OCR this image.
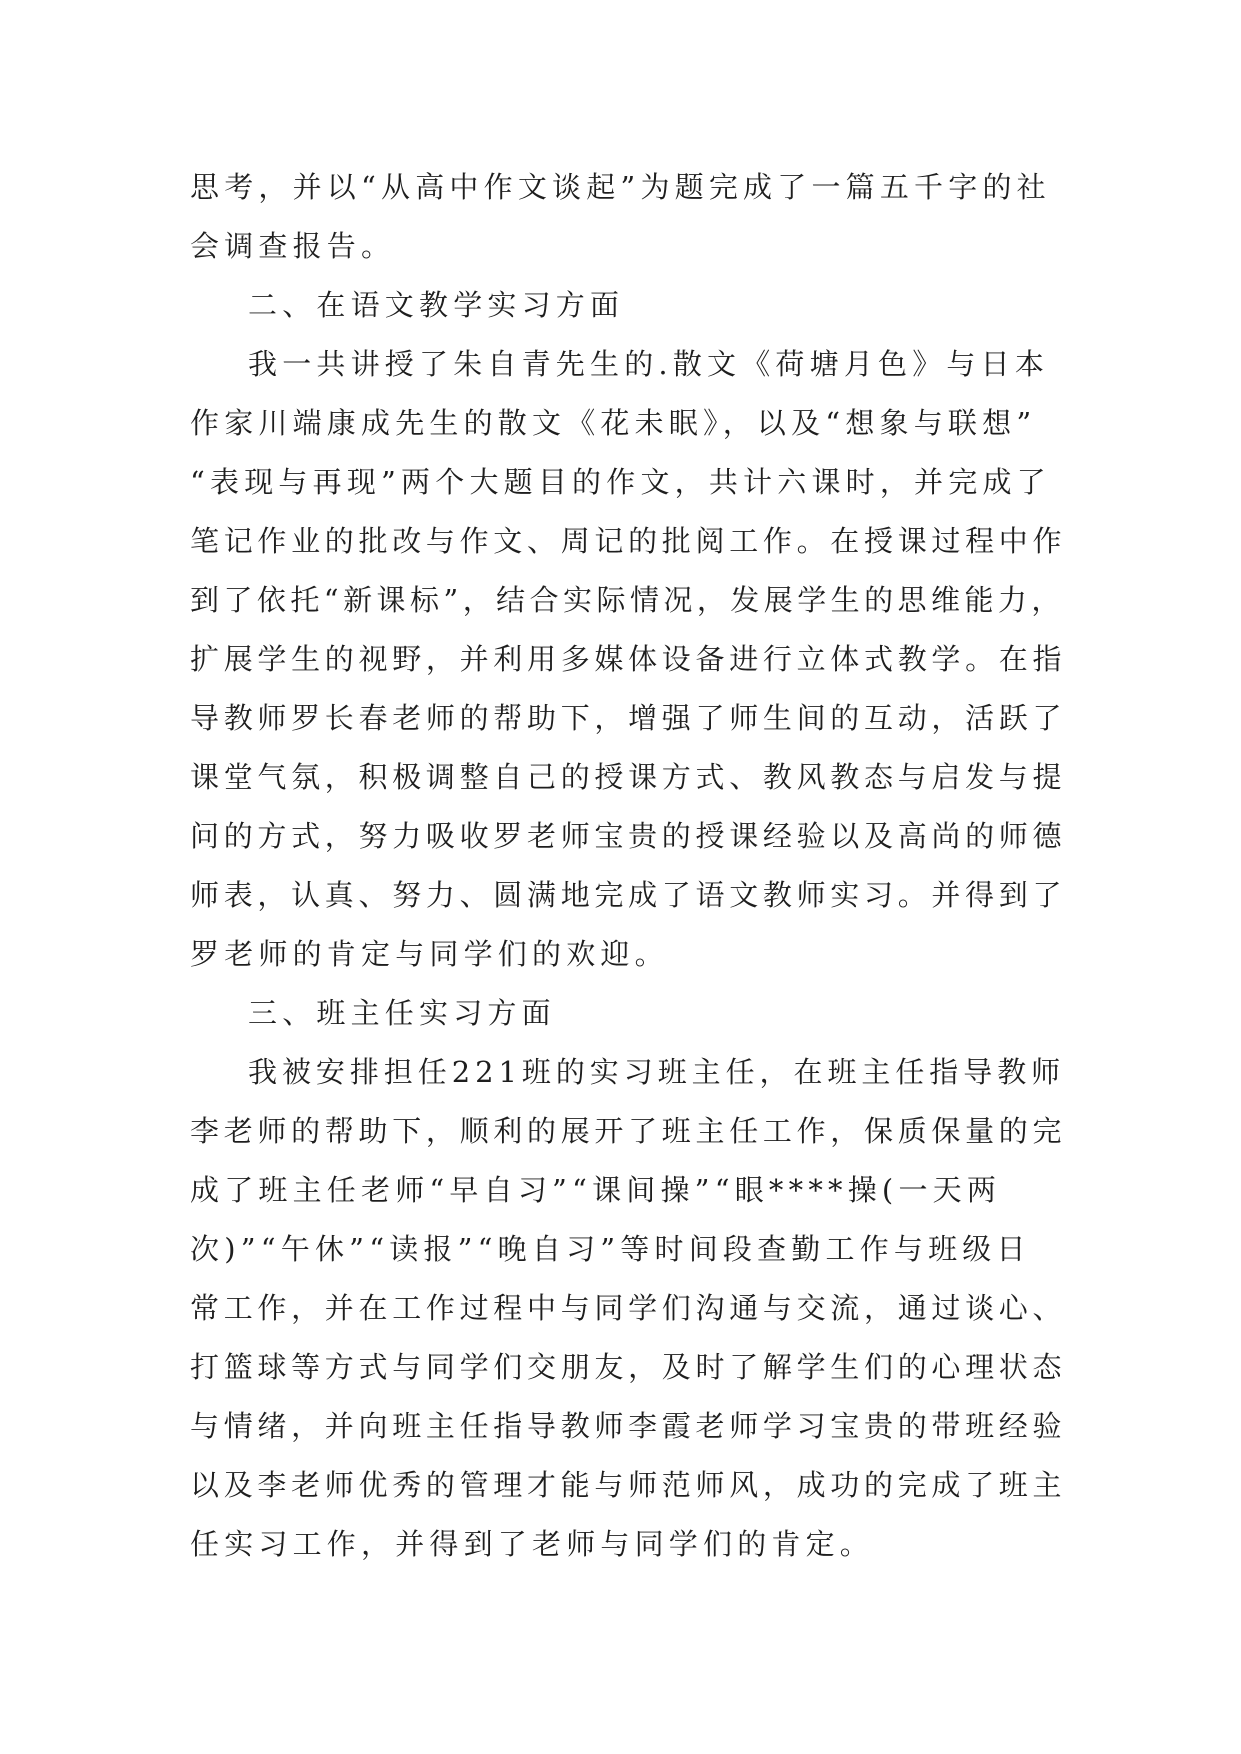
思考，并以“从高中作文谈起”为题完成了一篇五千字的社
会调查报告。
二、在语文教学实习方面
我一共讲授了朱自青先生的.散文《荷塘月色》与日本
作家川端康成先生的散文《花未眠》，以及“想象与联想”
“表现与再现”两个大题目的作文，共计六课时，并完成了
笔记作业的批改与作文、周记的批阅工作。在授课过程中作
到了依托“新课标”，结合实际情况，发展学生的思维能力，
扩展学生的视野，并利用多媒体设备进行立体式教学。在指
导教师罗长春老师的帮助下，增强了师生间的互动，活跃了
课堂气氛，积极调整自己的授课方式、教风教态与启发与提
问的方式，努力吸收罗老师宝贵的授课经验以及高尚的师德
师表，认真、努力、圆满地完成了语文教师实习。并得到了
罗老师的肯定与同学们的欢迎。
三、班主任实习方面
我被安排担任221班的实习班主任，在班主任指导教师
李老师的帮助下，顺利的展开了班主任工作，保质保量的完
成了班主任老师“早自习”“课间操”“眼****操(一天两
次)”“午休”“读报”“晚自习”等时间段查勤工作与班级日
常工作，并在工作过程中与同学们沟通与交流，通过谈心、
打篮球等方式与同学们交朋友，及时了解学生们的心理状态
与情绪，并向班主任指导教师李霞老师学习宝贵的带班经验
以及李老师优秀的管理才能与师范师风，成功的完成了班主
任实习工作，并得到了老师与同学们的肯定。
